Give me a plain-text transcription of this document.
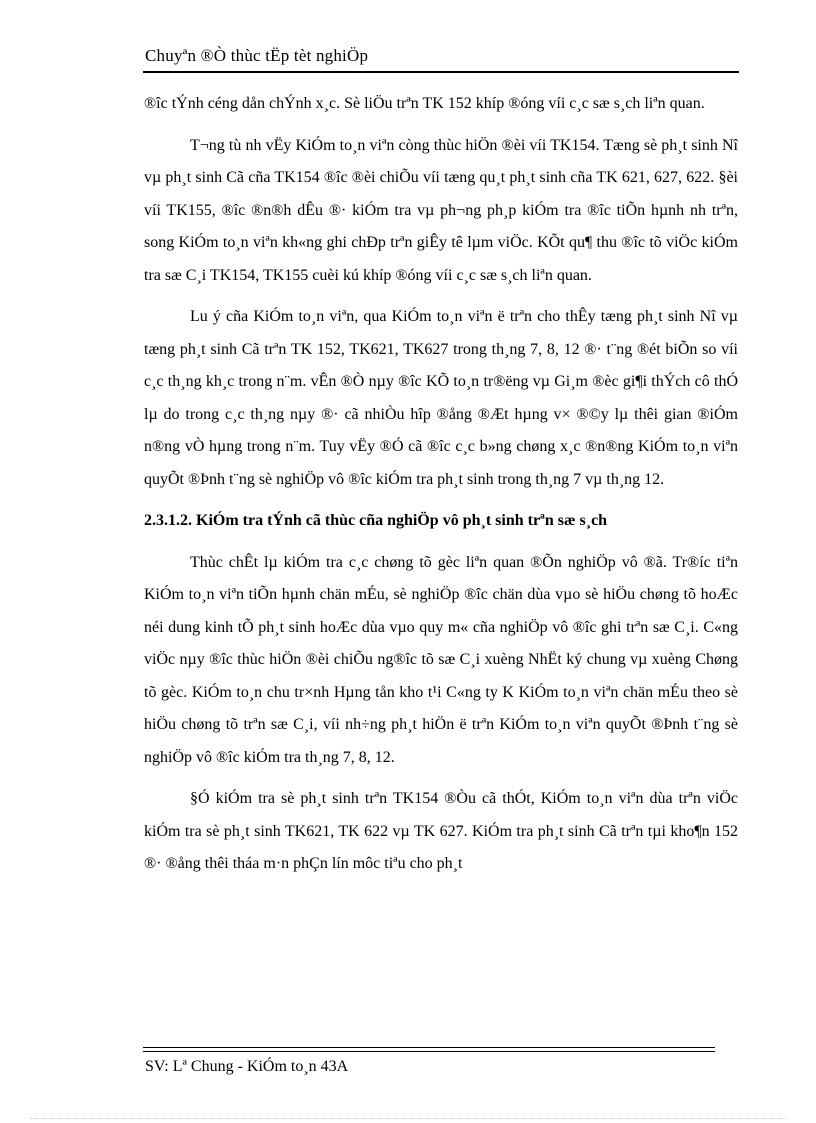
Chuyªn ®Ò thùc tËp tèt nghiÖp

®îc tÝnh céng dån chÝnh x¸c. Sè liÖu trªn TK 152 khíp ®óng víi c¸c sæ s¸ch liªn quan.

T¬ng tù nh vËy KiÓm to¸n viªn còng thùc hiÖn ®èi víi TK154. Tæng sè ph¸t sinh Nî vµ ph¸t sinh Cã cña TK154 ®îc ®èi chiÕu víi tæng qu¸t ph¸t sinh cña TK 621, 627, 622. §èi víi TK155, ®îc ®n®h dÊu ®· kiÓm tra vµ ph¬ng ph¸p kiÓm tra ®îc tiÕn hµnh nh trªn, song KiÓm to¸n viªn kh«ng ghi chÐp trªn giÊy tê lµm viÖc. KÕt qu¶ thu ®îc tõ viÖc kiÓm tra sæ C¸i TK154, TK155 cuèi kú khíp ®óng víi c¸c sæ s¸ch liªn quan.

Lu ý cña KiÓm to¸n viªn, qua KiÓm to¸n viªn ë trªn cho thÊy tæng ph¸t sinh Nî vµ tæng ph¸t sinh Cã trªn TK 152, TK621, TK627 trong th¸ng 7, 8, 12 ®· t¨ng ®ét biÕn so víi c¸c th¸ng kh¸c trong n¨m. vÊn ®Ò nµy ®îc KÕ to¸n tr®ëng vµ Gi¸m ®èc gi¶i thÝch cô thÓ lµ do trong c¸c th¸ng nµy ®· cã nhiÒu hîp ®ång ®Æt hµng v× ®©y lµ thêi gian ®iÓm n®ng vÒ hµng trong n¨m. Tuy vËy ®Ó cã ®îc c¸c b»ng chøng x¸c ®n®ng KiÓm to¸n viªn quyÕt ®Þnh t¨ng sè nghiÖp vô ®îc kiÓm tra ph¸t sinh trong th¸ng 7 vµ th¸ng 12.

2.3.1.2. KiÓm tra tÝnh cã thùc cña nghiÖp vô ph¸t sinh trªn sæ s¸ch

Thùc chÊt lµ kiÓm tra c¸c chøng tõ gèc liªn quan ®Õn nghiÖp vô ®ã. Tr®íc tiªn KiÓm to¸n viªn tiÕn hµnh chän mÉu, sè nghiÖp ®îc chän dùa vµo sè hiÖu chøng tõ hoÆc néi dung kinh tÕ ph¸t sinh hoÆc dùa vµo quy m« cña nghiÖp vô ®îc ghi trªn sæ C¸i. C«ng viÖc nµy ®îc thùc hiÖn ®èi chiÕu ng®îc tõ sæ C¸i xuèng NhËt ký chung vµ xuèng Chøng tõ gèc. KiÓm to¸n chu tr×nh Hµng tån kho t¹i C«ng ty K KiÓm to¸n viªn chän mÉu theo sè hiÖu chøng tõ trªn sæ C¸i, víi nh÷ng ph¸t hiÖn ë trªn KiÓm to¸n viªn quyÕt ®Þnh t¨ng sè nghiÖp vô ®îc kiÓm tra th¸ng 7, 8, 12.

§Ó kiÓm tra sè ph¸t sinh trªn TK154 ®Òu cã thÓt, KiÓm to¸n viªn dùa trªn viÖc kiÓm tra sè ph¸t sinh TK621, TK 622 vµ TK 627. KiÓm tra ph¸t sinh Cã trªn tµi kho¶n 152 ®· ®ång thêi tháa m·n phÇn lín môc tiªu cho ph¸t

SV: Lª Chung - KiÓm to¸n 43A
